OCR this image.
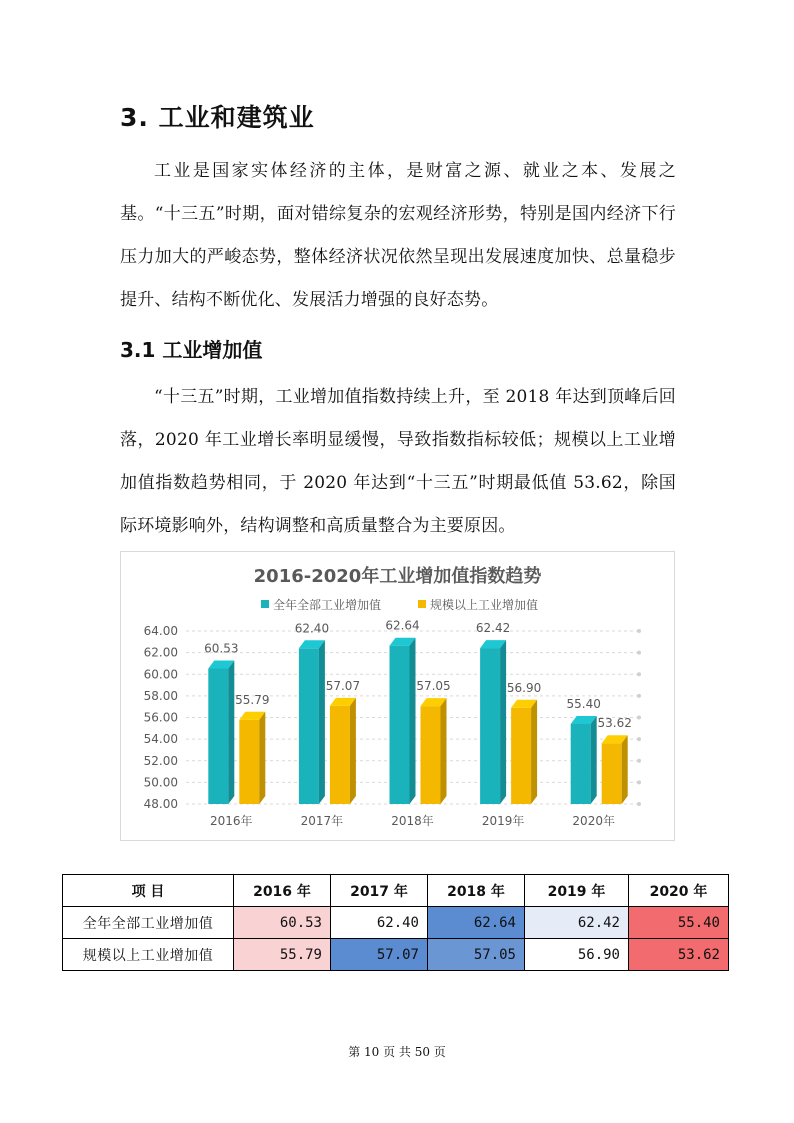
3. 工业和建筑业

工业是国家实体经济的主体，是财富之源、就业之本、发展之基。“十三五”时期，面对错综复杂的宏观经济形势，特别是国内经济下行压力加大的严峻态势，整体经济状况依然呈现出发展速度加快、总量稳步提升、结构不断优化、发展活力增强的良好态势。

3.1 工业增加值

“十三五”时期，工业增加值指数持续上升，至 2018 年达到顶峰后回落，2020 年工业增长率明显缓慢，导致指数指标较低；规模以上工业增加值指数趋势相同，于 2020 年达到“十三五”时期最低值 53.62，除国际环境影响外，结构调整和高质量整合为主要原因。

2016-2020年工业增加值指数趋势
全年全部工业增加值	规模以上工业增加值
48.00
50.00
52.00
54.00
56.00
58.00
60.00
62.00
64.00
60.53
55.79
2016年
62.40
57.07
2017年
62.64
57.05
2018年
62.42
56.90
2019年
55.40
53.62
2020年
项 目	2016 年	2017 年	2018 年	2019 年	2020 年
全年全部工业增加值	60.53	62.40	62.64	62.42	55.40
规模以上工业增加值	55.79	57.07	57.05	56.90	53.62
第 10 页 共 50 页
